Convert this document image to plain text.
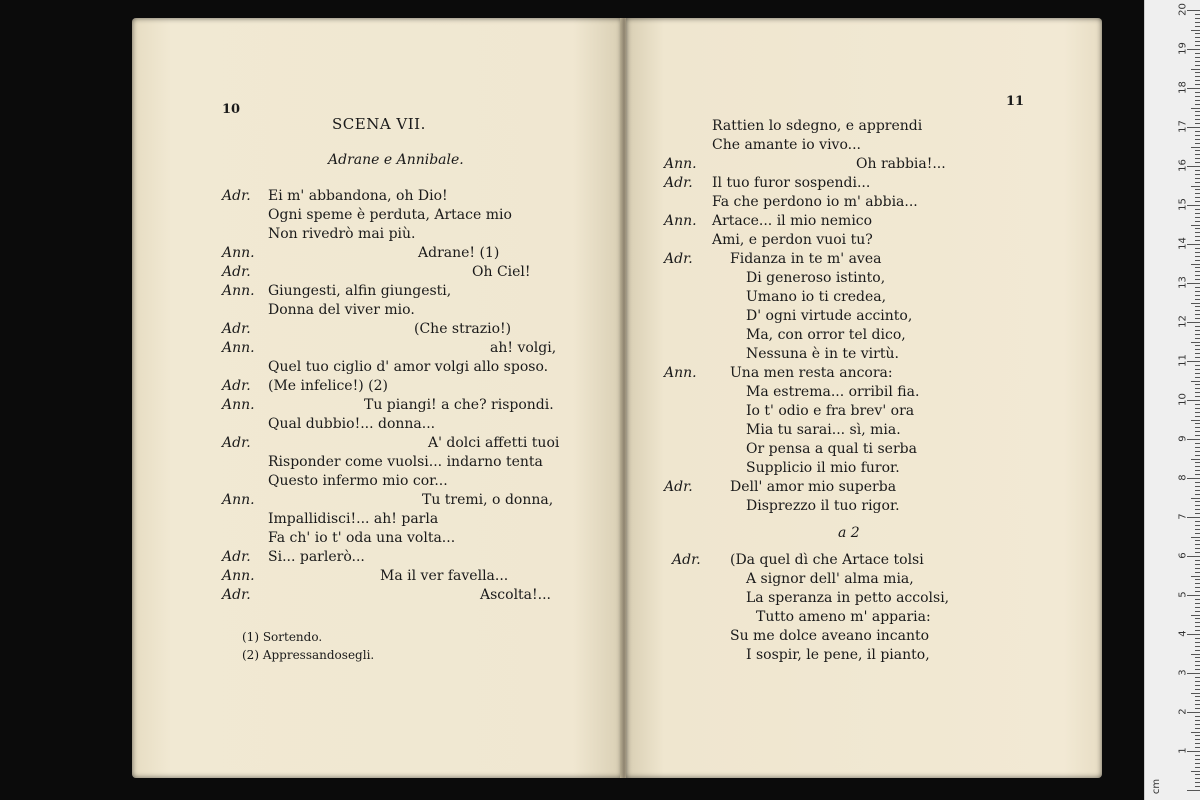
10
SCENA VII.
Adrane e Annibale.
Adr. Ei m' abbandona, oh Dio!
Ogni speme è perduta, Artace mio
Non rivedrò mai più.
Ann.	Adrane! (1)
Adr.	Oh Ciel!
Ann. Giungesti, alfin giungesti,
Donna del viver mio.
Adr.	(Che strazio!)
Ann.	ah! volgi,
Quel tuo ciglio d' amor volgi allo sposo.
Adr. (Me infelice!) (2)
Ann.	Tu piangi! a che? rispondi.
Qual dubbio!... donna...
Adr.	A' dolci affetti tuoi
Risponder come vuolsi... indarno tenta
Questo infermo mio cor...
Ann.	Tu tremi, o donna,
Impallidisci!... ah! parla
Fa ch' io t' oda una volta...
Adr. Si... parlerò...
Ann.	Ma il ver favella...
Adr.	Ascolta!...
(1) Sortendo.
(2) Appressandosegli.
11
Rattien lo sdegno, e apprendi
Che amante io vivo...
Ann.	Oh rabbia!...
Adr. Il tuo furor sospendi...
Fa che perdono io m' abbia...
Ann. Artace... il mio nemico
Ami, e perdon vuoi tu?
Adr.	Fidanza in te m' avea
Di generoso istinto,
Umano io ti credea,
D' ogni virtude accinto,
Ma, con orror tel dico,
Nessuna è in te virtù.
Ann. Una men resta ancora:
Ma estrema... orribil fia.
Io t' odio e fra brev' ora
Mia tu sarai... sì, mia.
Or pensa a qual ti serba
Supplicio il mio furor.
Adr.	Dell' amor mio superba
Disprezzo il tuo rigor.
a 2
Adr. (Da quel dì che Artace tolsi
A signor dell' alma mia,
La speranza in petto accolsi,
Tutto ameno m' apparia:
Su me dolce aveano incanto
I sospir, le pene, il pianto,
1
2
3
4
5
6
7
8
9
10
11
12
13
14
15
16
17
18
19
20
cm
